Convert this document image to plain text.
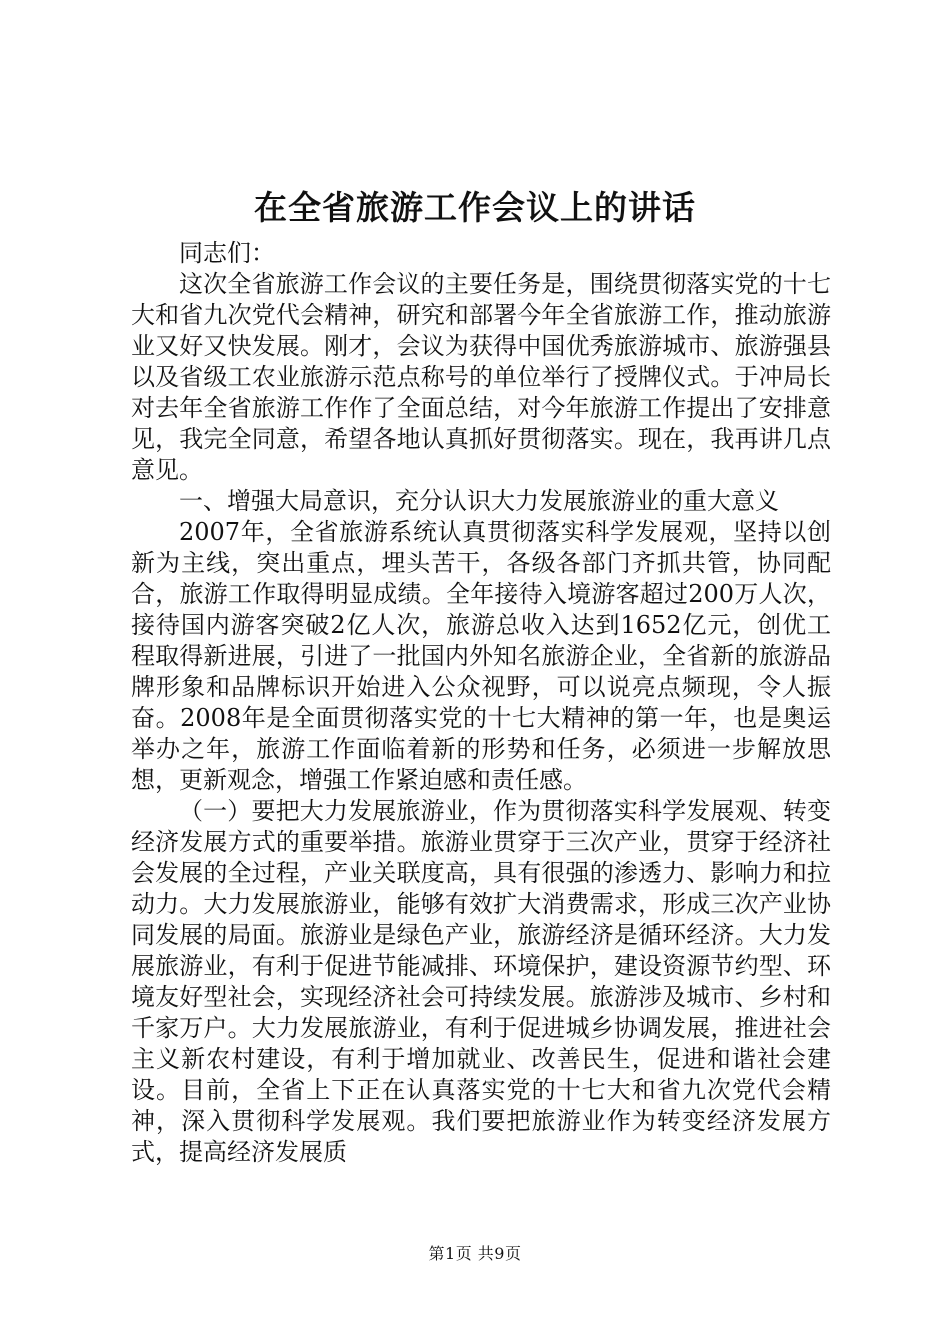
在全省旅游工作会议上的讲话

同志们：

这次全省旅游工作会议的主要任务是，围绕贯彻落实党的十七大和省九次党代会精神，研究和部署今年全省旅游工作，推动旅游业又好又快发展。刚才，会议为获得中国优秀旅游城市、旅游强县以及省级工农业旅游示范点称号的单位举行了授牌仪式。于冲局长对去年全省旅游工作作了全面总结，对今年旅游工作提出了安排意见，我完全同意，希望各地认真抓好贯彻落实。现在，我再讲几点意见。

一、增强大局意识，充分认识大力发展旅游业的重大意义

2007年，全省旅游系统认真贯彻落实科学发展观，坚持以创新为主线，突出重点，埋头苦干，各级各部门齐抓共管，协同配合，旅游工作取得明显成绩。全年接待入境游客超过200万人次，接待国内游客突破2亿人次，旅游总收入达到1652亿元，创优工程取得新进展，引进了一批国内外知名旅游企业，全省新的旅游品牌形象和品牌标识开始进入公众视野，可以说亮点频现，令人振奋。2008年是全面贯彻落实党的十七大精神的第一年，也是奥运举办之年，旅游工作面临着新的形势和任务，必须进一步解放思想，更新观念，增强工作紧迫感和责任感。

（一）要把大力发展旅游业，作为贯彻落实科学发展观、转变经济发展方式的重要举措。旅游业贯穿于三次产业，贯穿于经济社会发展的全过程，产业关联度高，具有很强的渗透力、影响力和拉动力。大力发展旅游业，能够有效扩大消费需求，形成三次产业协同发展的局面。旅游业是绿色产业，旅游经济是循环经济。大力发展旅游业，有利于促进节能减排、环境保护，建设资源节约型、环境友好型社会，实现经济社会可持续发展。旅游涉及城市、乡村和千家万户。大力发展旅游业，有利于促进城乡协调发展，推进社会主义新农村建设，有利于增加就业、改善民生，促进和谐社会建设。目前，全省上下正在认真落实党的十七大和省九次党代会精神，深入贯彻科学发展观。我们要把旅游业作为转变经济发展方式，提高经济发展质

第1页 共9页
